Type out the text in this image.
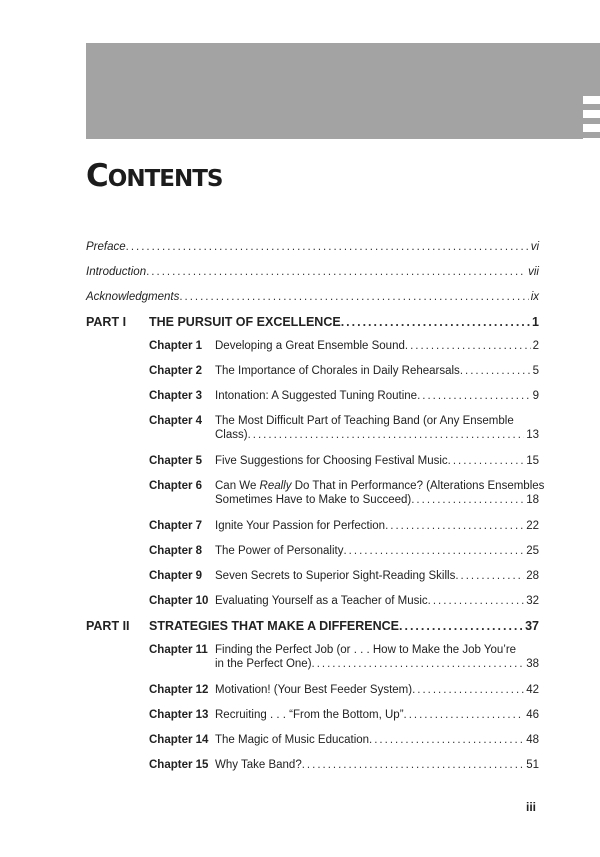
CONTENTS
Preface .....	vi
Introduction .....	vii
Acknowledgments .....	ix
PART I THE PURSUIT OF EXCELLENCE .....	1
Chapter 1 Developing a Great Ensemble Sound .....	2
Chapter 2 The Importance of Chorales in Daily Rehearsals .....	5
Chapter 3 Intonation: A Suggested Tuning Routine .....	9
Chapter 4 The Most Difficult Part of Teaching Band (or Any Ensemble
Class) .....	13
Chapter 5 Five Suggestions for Choosing Festival Music .....	15
Chapter 6 Can We Really Do That in Performance? (Alterations Ensembles
Sometimes Have to Make to Succeed) .....	18
Chapter 7 Ignite Your Passion for Perfection .....	22
Chapter 8 The Power of Personality .....	25
Chapter 9 Seven Secrets to Superior Sight-Reading Skills .....	28
Chapter 10 Evaluating Yourself as a Teacher of Music .....	32
PART II STRATEGIES THAT MAKE A DIFFERENCE .....	37
Chapter 11 Finding the Perfect Job (or . . . How to Make the Job You’re
in the Perfect One) .....	38
Chapter 12 Motivation! (Your Best Feeder System) .....	42
Chapter 13 Recruiting . . . “From the Bottom, Up” .....	46
Chapter 14 The Magic of Music Education .....	48
Chapter 15 Why Take Band? .....	51
iii
